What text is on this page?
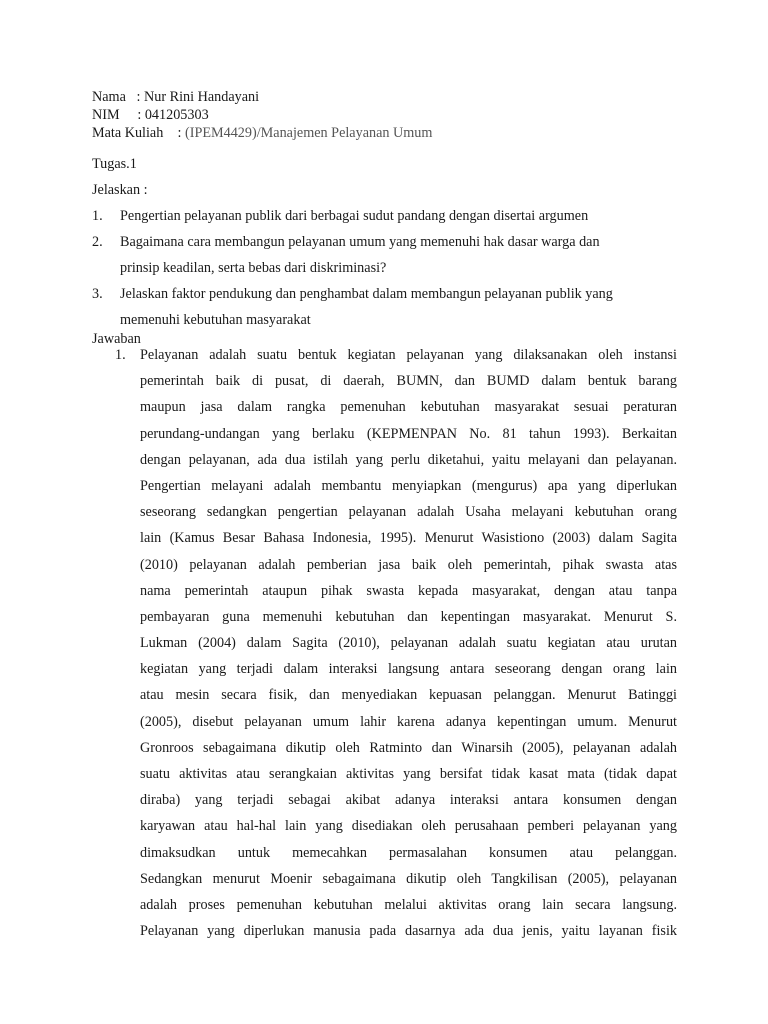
Nama : Nur Rini Handayani
NIM : 041205303
Mata Kuliah : (IPEM4429)/Manajemen Pelayanan Umum
Tugas.1
Jelaskan :
1. Pengertian pelayanan publik dari berbagai sudut pandang dengan disertai argumen
2. Bagaimana cara membangun pelayanan umum yang memenuhi hak dasar warga dan
prinsip keadilan, serta bebas dari diskriminasi?
3. Jelaskan faktor pendukung dan penghambat dalam membangun pelayanan publik yang
memenuhi kebutuhan masyarakat
Jawaban
1. Pelayanan adalah suatu bentuk kegiatan pelayanan yang dilaksanakan oleh instansi
pemerintah baik di pusat, di daerah, BUMN, dan BUMD dalam bentuk barang
maupun jasa dalam rangka pemenuhan kebutuhan masyarakat sesuai peraturan
perundang-undangan yang berlaku (KEPMENPAN No. 81 tahun 1993). Berkaitan
dengan pelayanan, ada dua istilah yang perlu diketahui, yaitu melayani dan pelayanan.
Pengertian melayani adalah membantu menyiapkan (mengurus) apa yang diperlukan
seseorang sedangkan pengertian pelayanan adalah Usaha melayani kebutuhan orang
lain (Kamus Besar Bahasa Indonesia, 1995). Menurut Wasistiono (2003) dalam Sagita
(2010) pelayanan adalah pemberian jasa baik oleh pemerintah, pihak swasta atas
nama pemerintah ataupun pihak swasta kepada masyarakat, dengan atau tanpa
pembayaran guna memenuhi kebutuhan dan kepentingan masyarakat. Menurut S.
Lukman (2004) dalam Sagita (2010), pelayanan adalah suatu kegiatan atau urutan
kegiatan yang terjadi dalam interaksi langsung antara seseorang dengan orang lain
atau mesin secara fisik, dan menyediakan kepuasan pelanggan. Menurut Batinggi
(2005), disebut pelayanan umum lahir karena adanya kepentingan umum. Menurut
Gronroos sebagaimana dikutip oleh Ratminto dan Winarsih (2005), pelayanan adalah
suatu aktivitas atau serangkaian aktivitas yang bersifat tidak kasat mata (tidak dapat
diraba) yang terjadi sebagai akibat adanya interaksi antara konsumen dengan
karyawan atau hal-hal lain yang disediakan oleh perusahaan pemberi pelayanan yang
dimaksudkan untuk memecahkan permasalahan konsumen atau pelanggan.
Sedangkan menurut Moenir sebagaimana dikutip oleh Tangkilisan (2005), pelayanan
adalah proses pemenuhan kebutuhan melalui aktivitas orang lain secara langsung.
Pelayanan yang diperlukan manusia pada dasarnya ada dua jenis, yaitu layanan fisik
